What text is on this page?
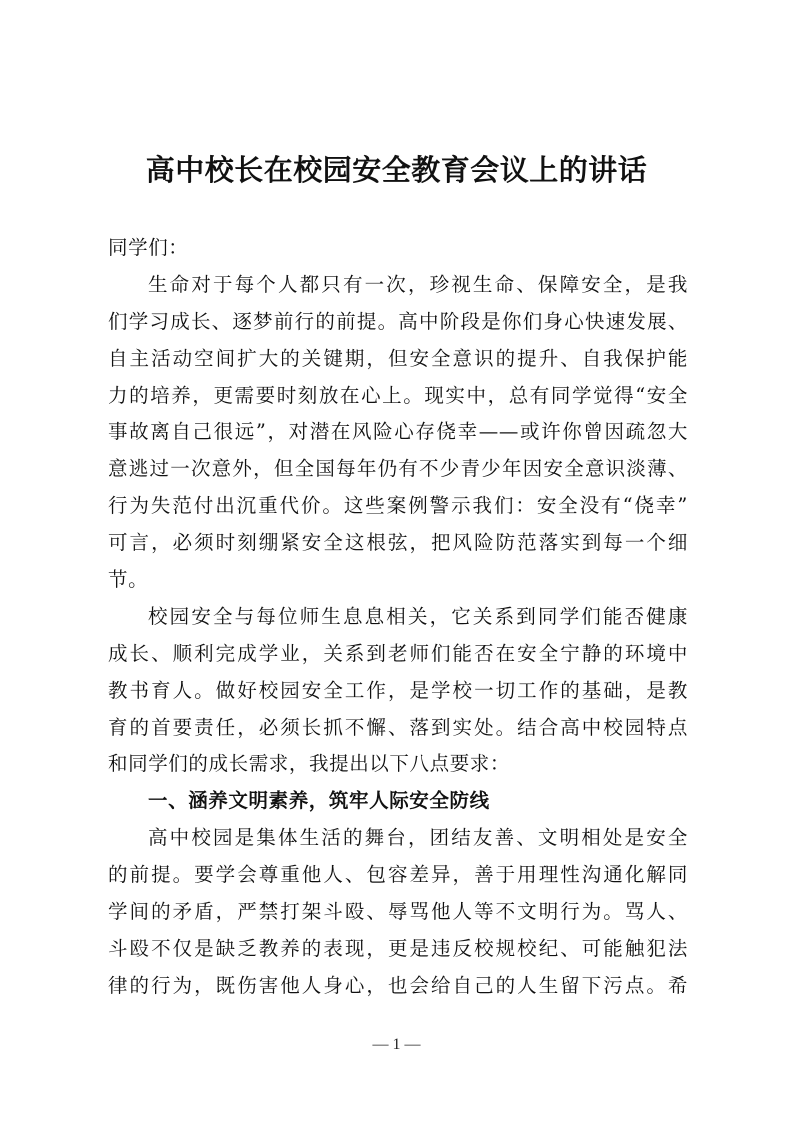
高中校长在校园安全教育会议上的讲话
同学们：
生命对于每个人都只有一次，珍视生命、保障安全，是我
们学习成长、逐梦前行的前提。高中阶段是你们身心快速发展、
自主活动空间扩大的关键期，但安全意识的提升、自我保护能
力的培养，更需要时刻放在心上。现实中，总有同学觉得“安全
事故离自己很远”，对潜在风险心存侥幸——或许你曾因疏忽大
意逃过一次意外，但全国每年仍有不少青少年因安全意识淡薄、
行为失范付出沉重代价。这些案例警示我们：安全没有“侥幸”
可言，必须时刻绷紧安全这根弦，把风险防范落实到每一个细
节。
校园安全与每位师生息息相关，它关系到同学们能否健康
成长、顺利完成学业，关系到老师们能否在安全宁静的环境中
教书育人。做好校园安全工作，是学校一切工作的基础，是教
育的首要责任，必须长抓不懈、落到实处。结合高中校园特点
和同学们的成长需求，我提出以下八点要求：
一、涵养文明素养，筑牢人际安全防线
高中校园是集体生活的舞台，团结友善、文明相处是安全
的前提。要学会尊重他人、包容差异，善于用理性沟通化解同
学间的矛盾，严禁打架斗殴、辱骂他人等不文明行为。骂人、
斗殴不仅是缺乏教养的表现，更是违反校规校纪、可能触犯法
律的行为，既伤害他人身心，也会给自己的人生留下污点。希
— 1 —
